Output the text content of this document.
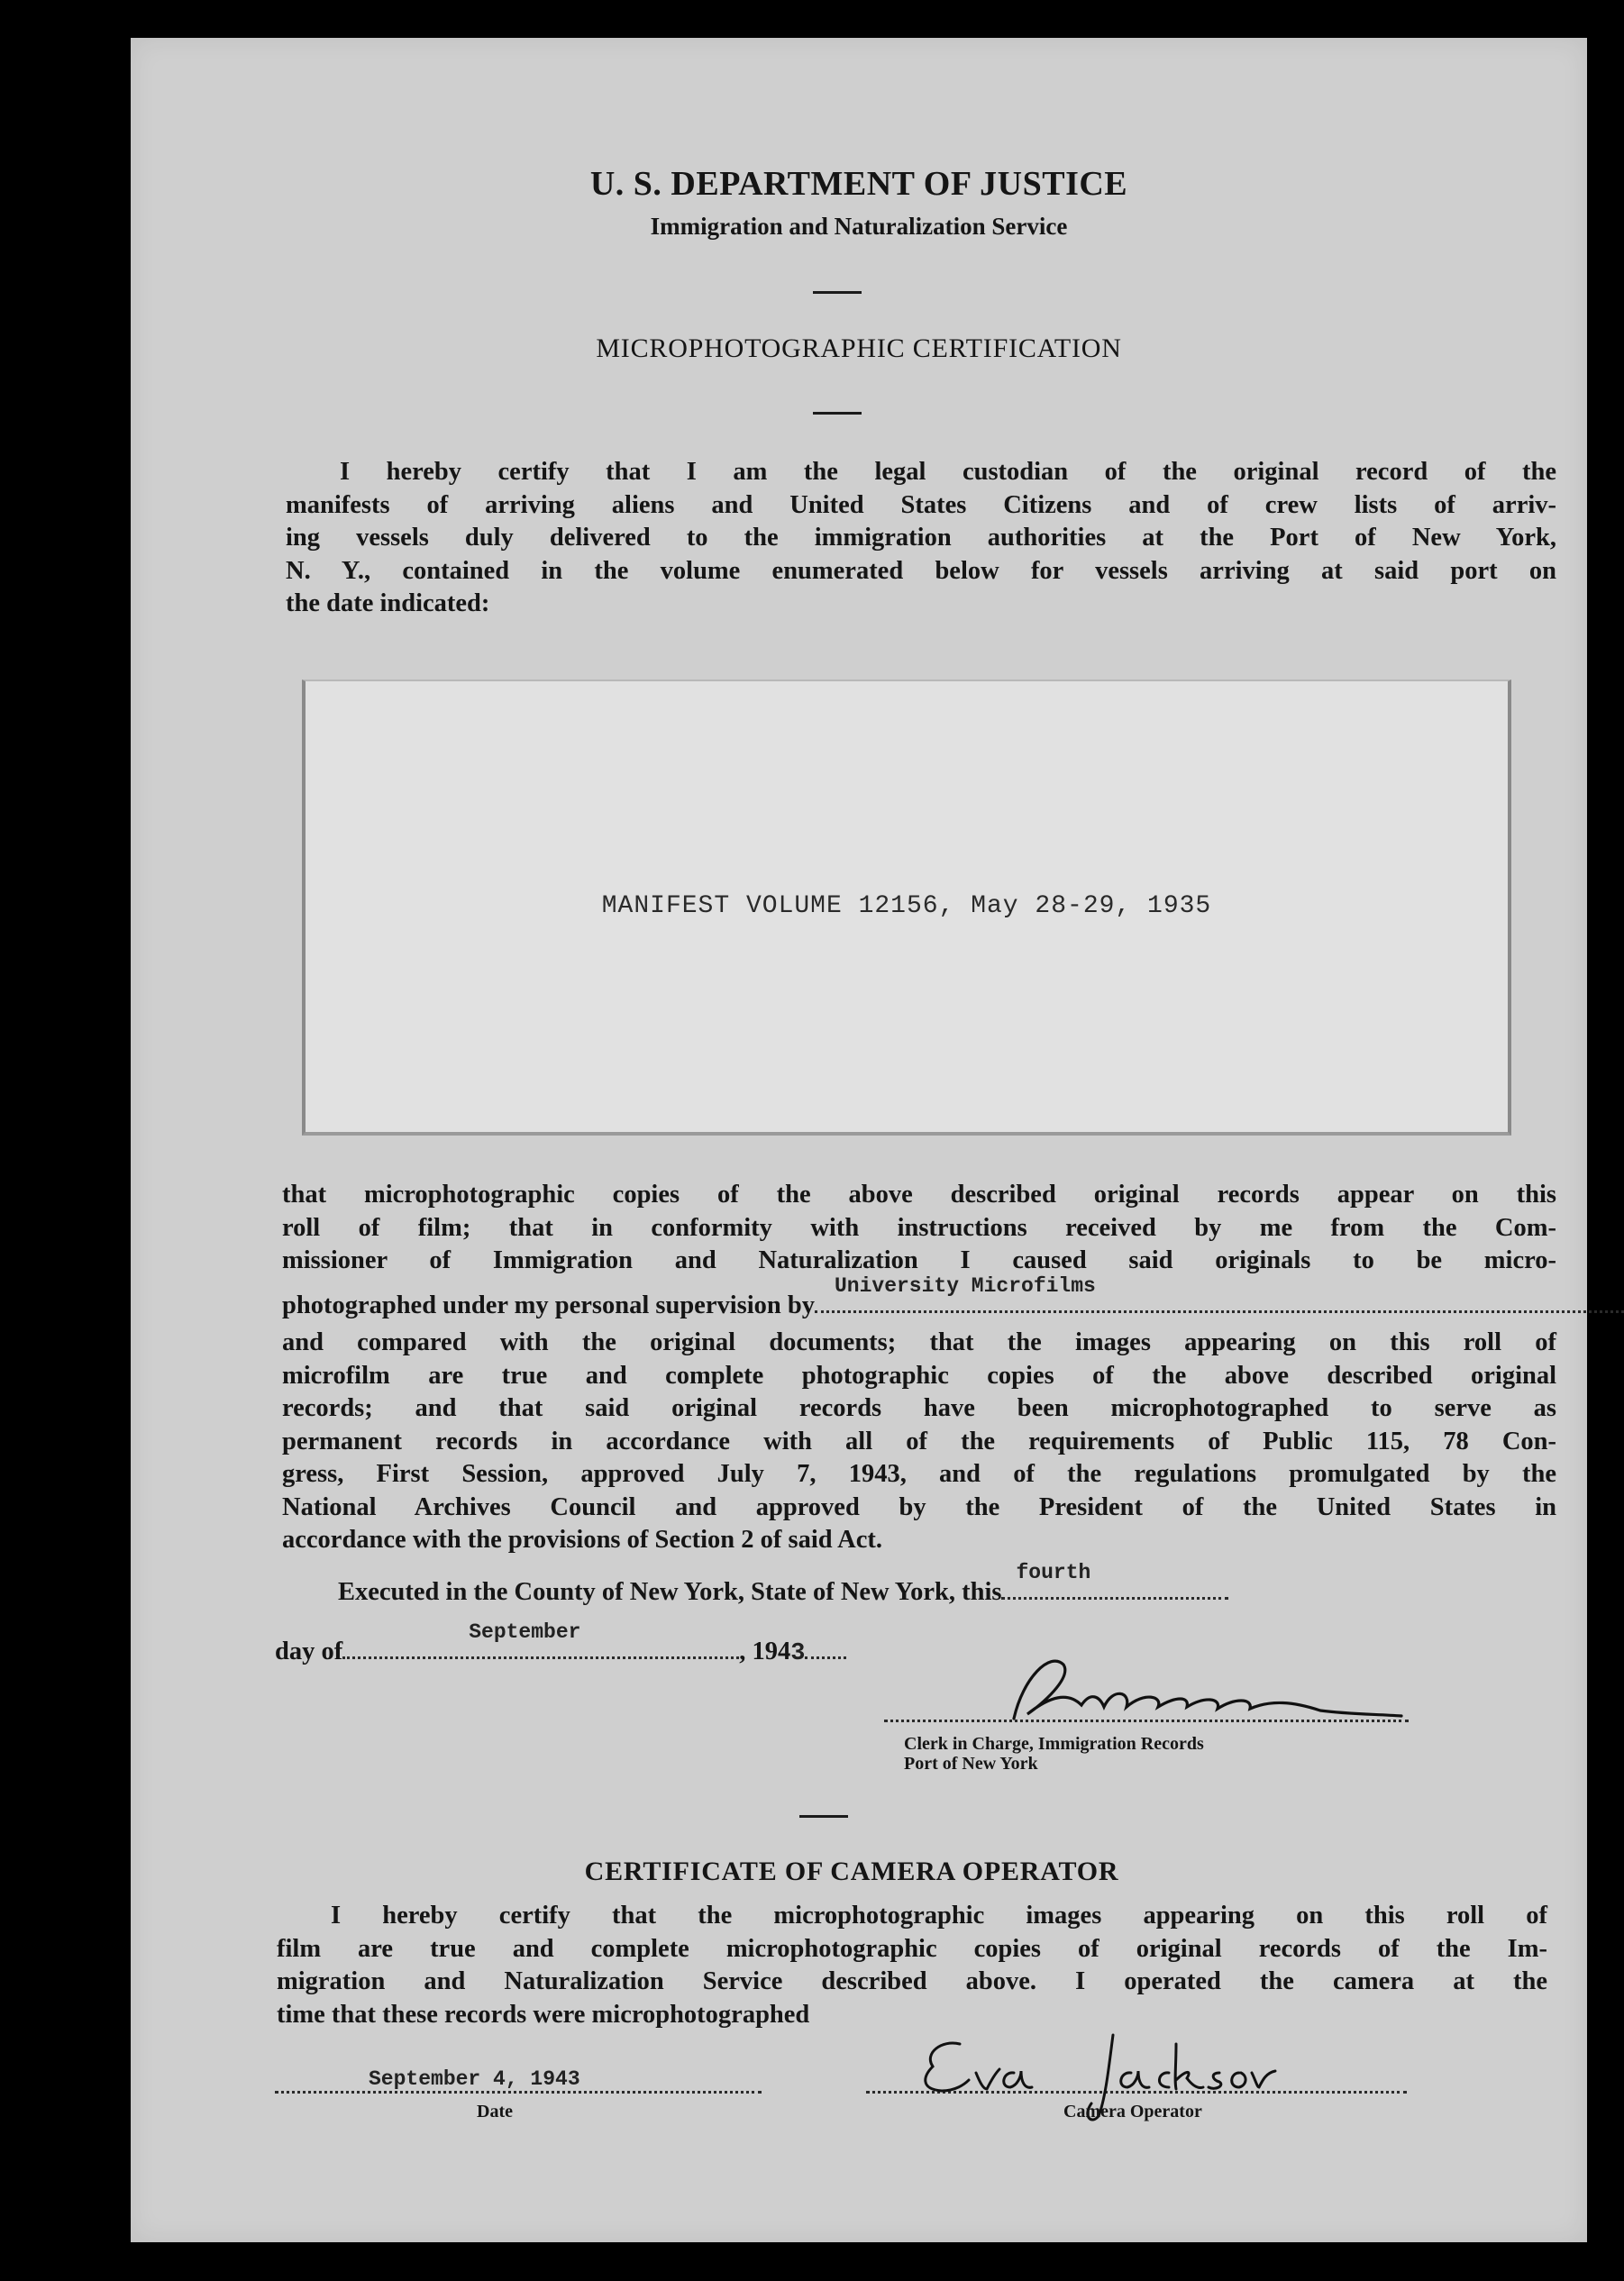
U. S. DEPARTMENT OF JUSTICE
Immigration and Naturalization Service
MICROPHOTOGRAPHIC CERTIFICATION
I hereby certify that I am the legal custodian of the original record of the
manifests of arriving aliens and United States Citizens and of crew lists of arriv-
ing vessels duly delivered to the immigration authorities at the Port of New York,
N. Y., contained in the volume enumerated below for vessels arriving at said port on
the date indicated:
MANIFEST VOLUME 12156, May 28-29, 1935
that microphotographic copies of the above described original records appear on this
roll of film; that in conformity with instructions received by me from the Com-
missioner of Immigration and Naturalization I caused said originals to be micro-
photographed under my personal supervision by
University Microfilms
and compared with the original documents; that the images appearing on this roll of
microfilm are true and complete photographic copies of the above described original
records; and that said original records have been microphotographed to serve as
permanent records in accordance with all of the requirements of Public 115, 78 Con-
gress, First Session, approved July 7, 1943, and of the regulations promulgated by the
National Archives Council and approved by the President of the United States in
accordance with the provisions of Section 2 of said Act.
Executed in the County of New York, State of New York, this
fourth
day of
September
, 1943
Clerk in Charge, Immigration Records
Port of New York
CERTIFICATE OF CAMERA OPERATOR
I hereby certify that the microphotographic images appearing on this roll of
film are true and complete microphotographic copies of original records of the Im-
migration and Naturalization Service described above. I operated the camera at the
time that these records were microphotographed
September 4, 1943
Date	Camera Operator
